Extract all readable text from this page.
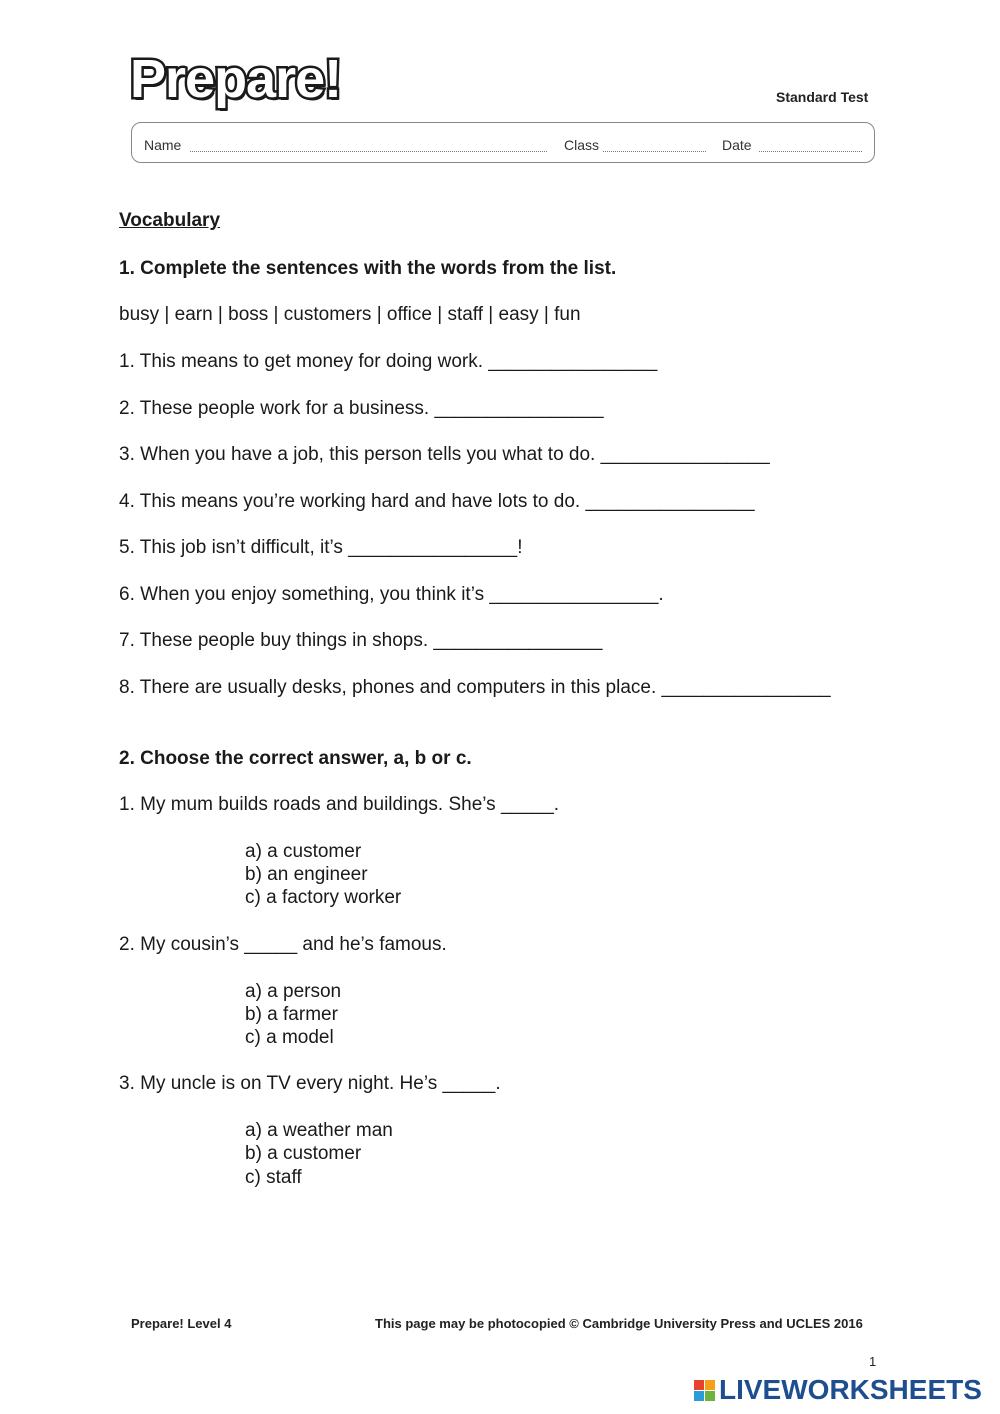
Prepare!	Standard Test
Name	Class	Date
Vocabulary
1. Complete the sentences with the words from the list.
busy | earn | boss | customers | office | staff | easy | fun
1. This means to get money for doing work. ________________
2. These people work for a business. ________________
3. When you have a job, this person tells you what to do. ________________
4. This means you’re working hard and have lots to do. ________________
5. This job isn’t difficult, it’s ________________!
6. When you enjoy something, you think it’s ________________.
7. These people buy things in shops. ________________
8. There are usually desks, phones and computers in this place. ________________
2. Choose the correct answer, a, b or c.
1. My mum builds roads and buildings. She’s _____.
a) a customer
b) an engineer
c) a factory worker
2. My cousin’s _____ and he’s famous.
a) a person
b) a farmer
c) a model
3. My uncle is on TV every night. He’s _____.
a) a weather man
b) a customer
c) staff
Prepare! Level 4	This page may be photocopied © Cambridge University Press and UCLES 2016
1
LIVEWORKSHEETS
